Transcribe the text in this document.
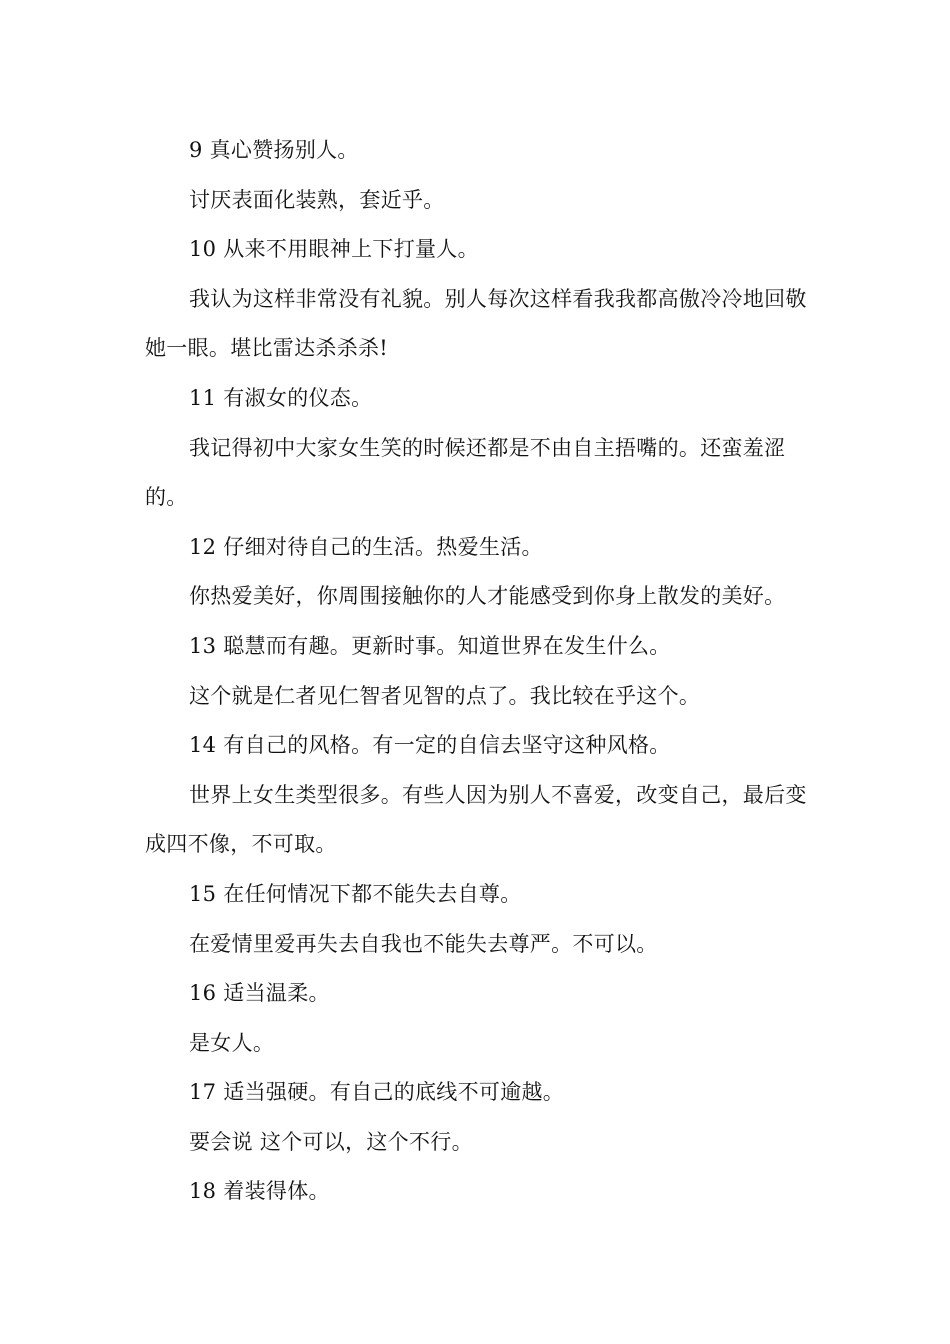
9 真心赞扬别人。

讨厌表面化装熟，套近乎。

10 从来不用眼神上下打量人。

我认为这样非常没有礼貌。别人每次这样看我我都高傲冷冷地回敬她一眼。堪比雷达杀杀杀!

11 有淑女的仪态。

我记得初中大家女生笑的时候还都是不由自主捂嘴的。还蛮羞涩的。

12 仔细对待自己的生活。热爱生活。

你热爱美好，你周围接触你的人才能感受到你身上散发的美好。

13 聪慧而有趣。更新时事。知道世界在发生什么。

这个就是仁者见仁智者见智的点了。我比较在乎这个。

14 有自己的风格。有一定的自信去坚守这种风格。

世界上女生类型很多。有些人因为别人不喜爱，改变自己，最后变成四不像，不可取。

15 在任何情况下都不能失去自尊。

在爱情里爱再失去自我也不能失去尊严。不可以。

16 适当温柔。

是女人。

17 适当强硬。有自己的底线不可逾越。

要会说 这个可以，这个不行。

18 着装得体。
